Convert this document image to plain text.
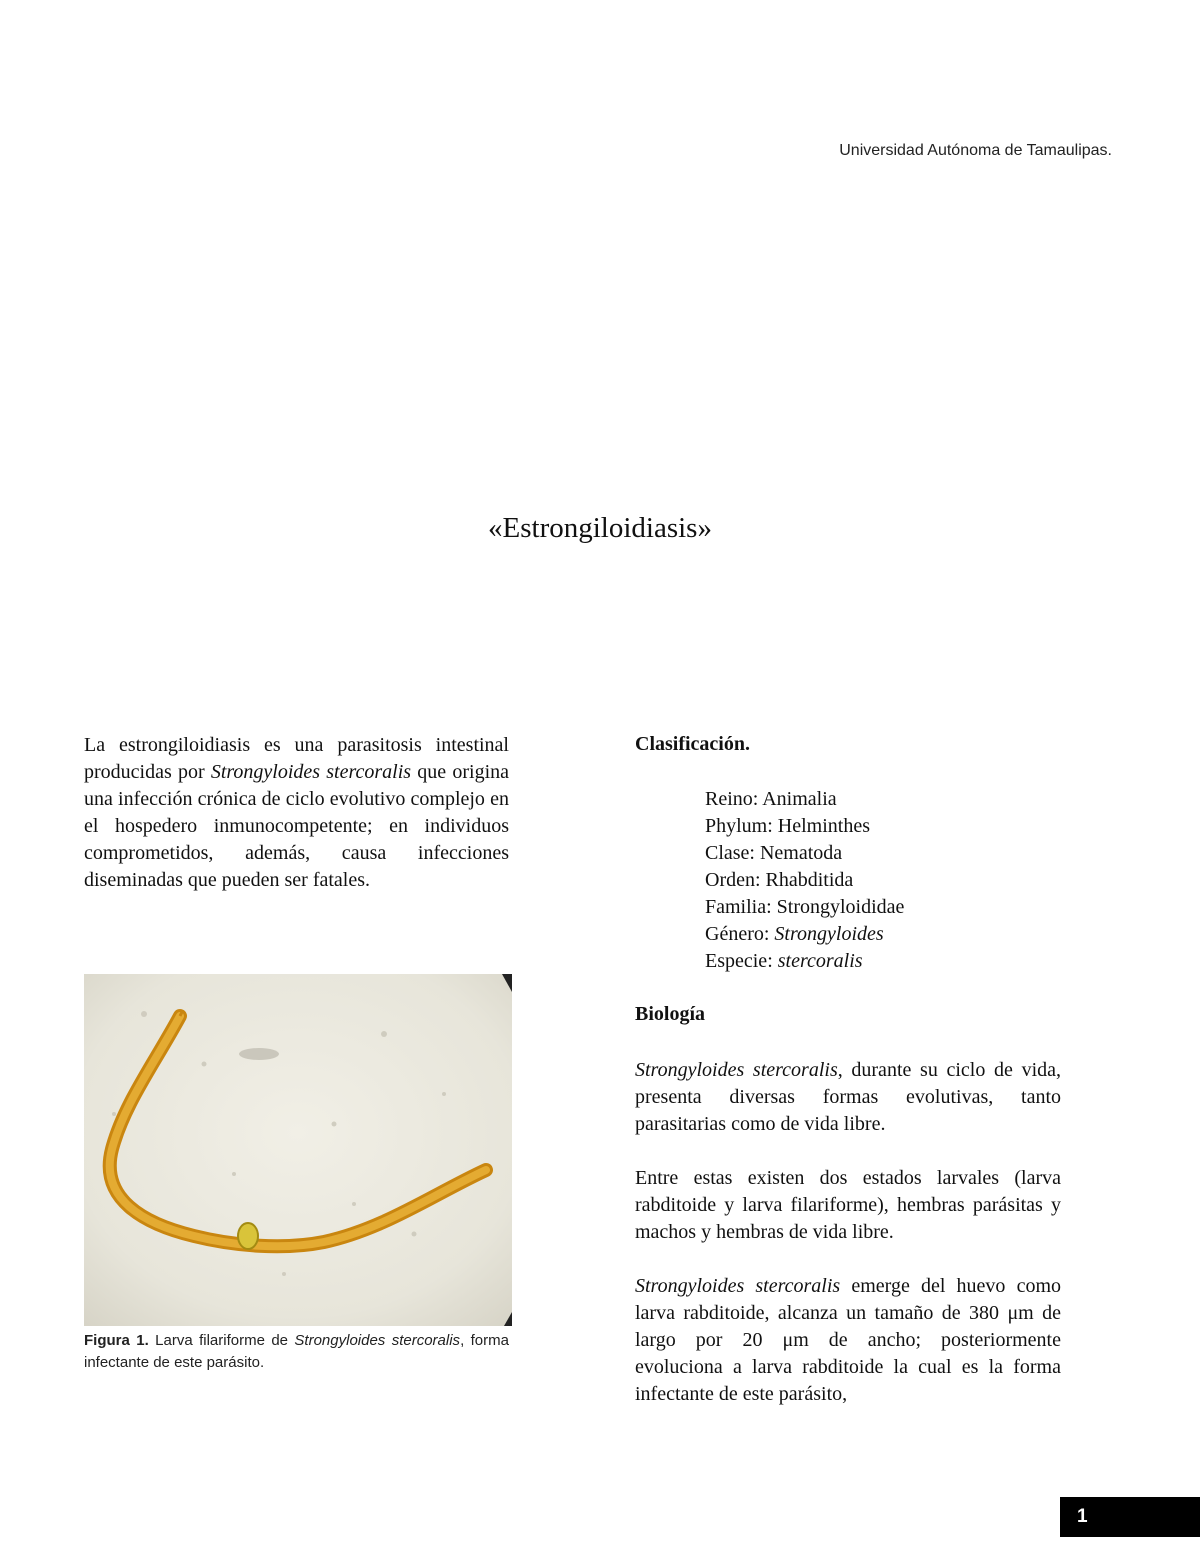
Universidad Autónoma de Tamaulipas.
«Estrongiloidiasis»

La estrongiloidiasis es una parasitosis intestinal producidas por Strongyloides stercoralis que origina una infección crónica de ciclo evolutivo complejo en el hospedero inmunocompetente; en individuos comprometidos, además, causa infecciones diseminadas que pueden ser fatales.

Figura 1. Larva filariforme de Strongyloides stercoralis, forma infectante de este parásito.

Clasificación.
Reino: Animalia
Phylum: Helminthes
Clase: Nematoda
Orden: Rhabditida
Familia: Strongyloididae
Género: Strongyloides
Especie: stercoralis
Biología

Strongyloides stercoralis, durante su ciclo de vida, presenta diversas formas evolutivas, tanto parasitarias como de vida libre.

Entre estas existen dos estados larvales (larva rabditoide y larva filariforme), hembras parásitas y machos y hembras de vida libre.

Strongyloides stercoralis emerge del huevo como larva rabditoide, alcanza un tamaño de 380 μm de largo por 20 μm de ancho; posteriormente evoluciona a larva rabditoide la cual es la forma infectante de este parásito,

1
